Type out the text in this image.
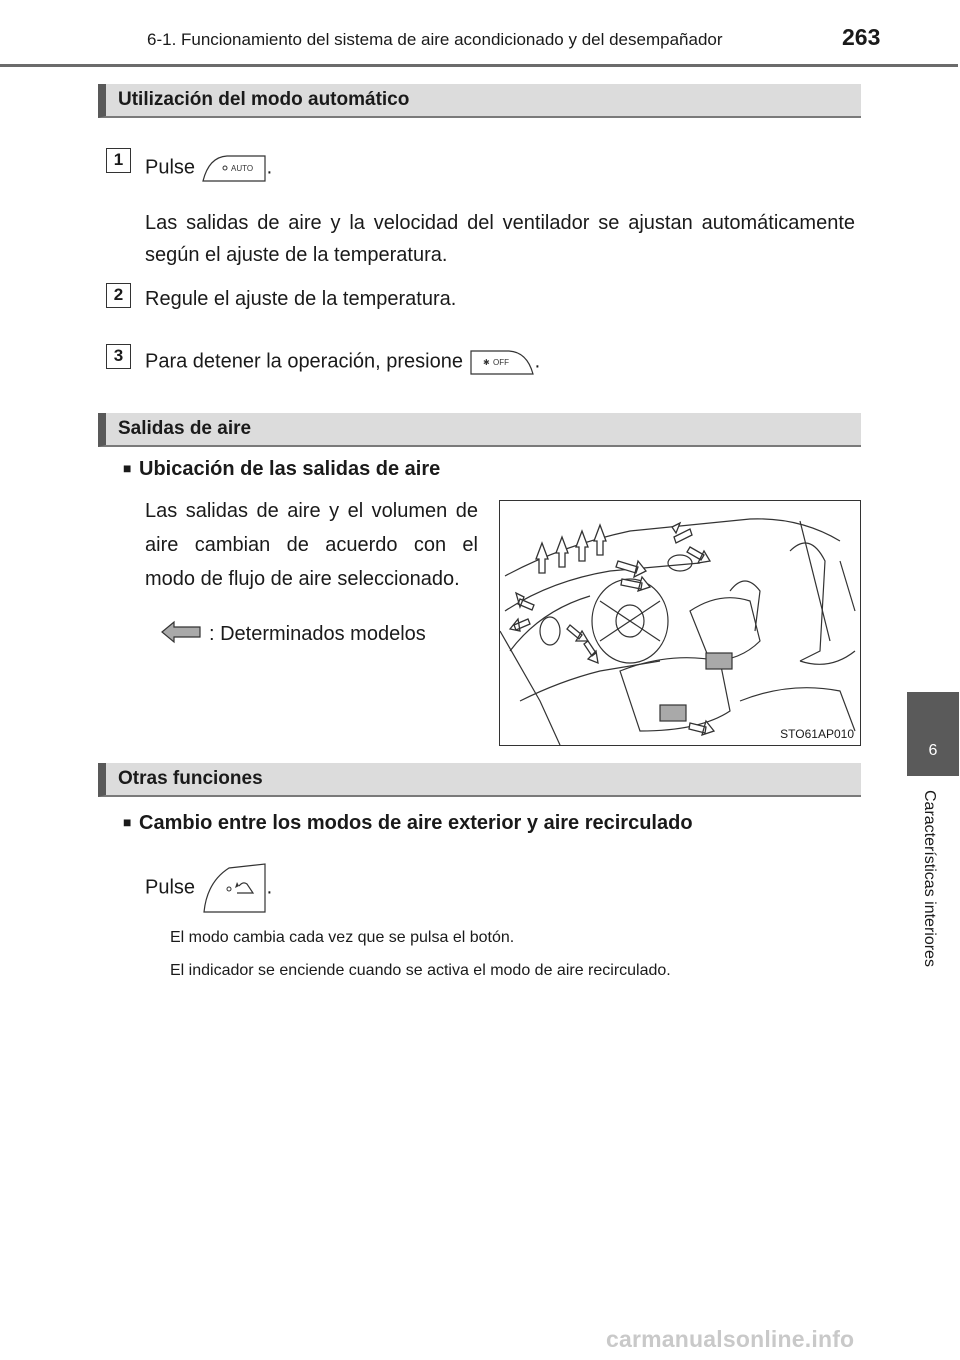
6-1. Funcionamiento del sistema de aire acondicionado y del desempañador	263
Utilización del modo automático
1	Pulse	AUTO .
Las salidas de aire y la velocidad del ventilador se ajustan automáticamente según el ajuste de la temperatura.
2	Regule el ajuste de la temperatura.
3	Para detener la operación, presione ✱ OFF .
Salidas de aire
■ Ubicación de las salidas de aire
Las salidas de aire y el volumen de aire cambian de acuerdo con el modo de flujo de aire seleccionado.
: Determinados modelos
STO61AP010
Otras funciones
■ Cambio entre los modos de aire exterior y aire recirculado
Pulse	.
El modo cambia cada vez que se pulsa el botón.
El indicador se enciende cuando se activa el modo de aire recirculado.
6
Características interiores
carmanualsonline.info
